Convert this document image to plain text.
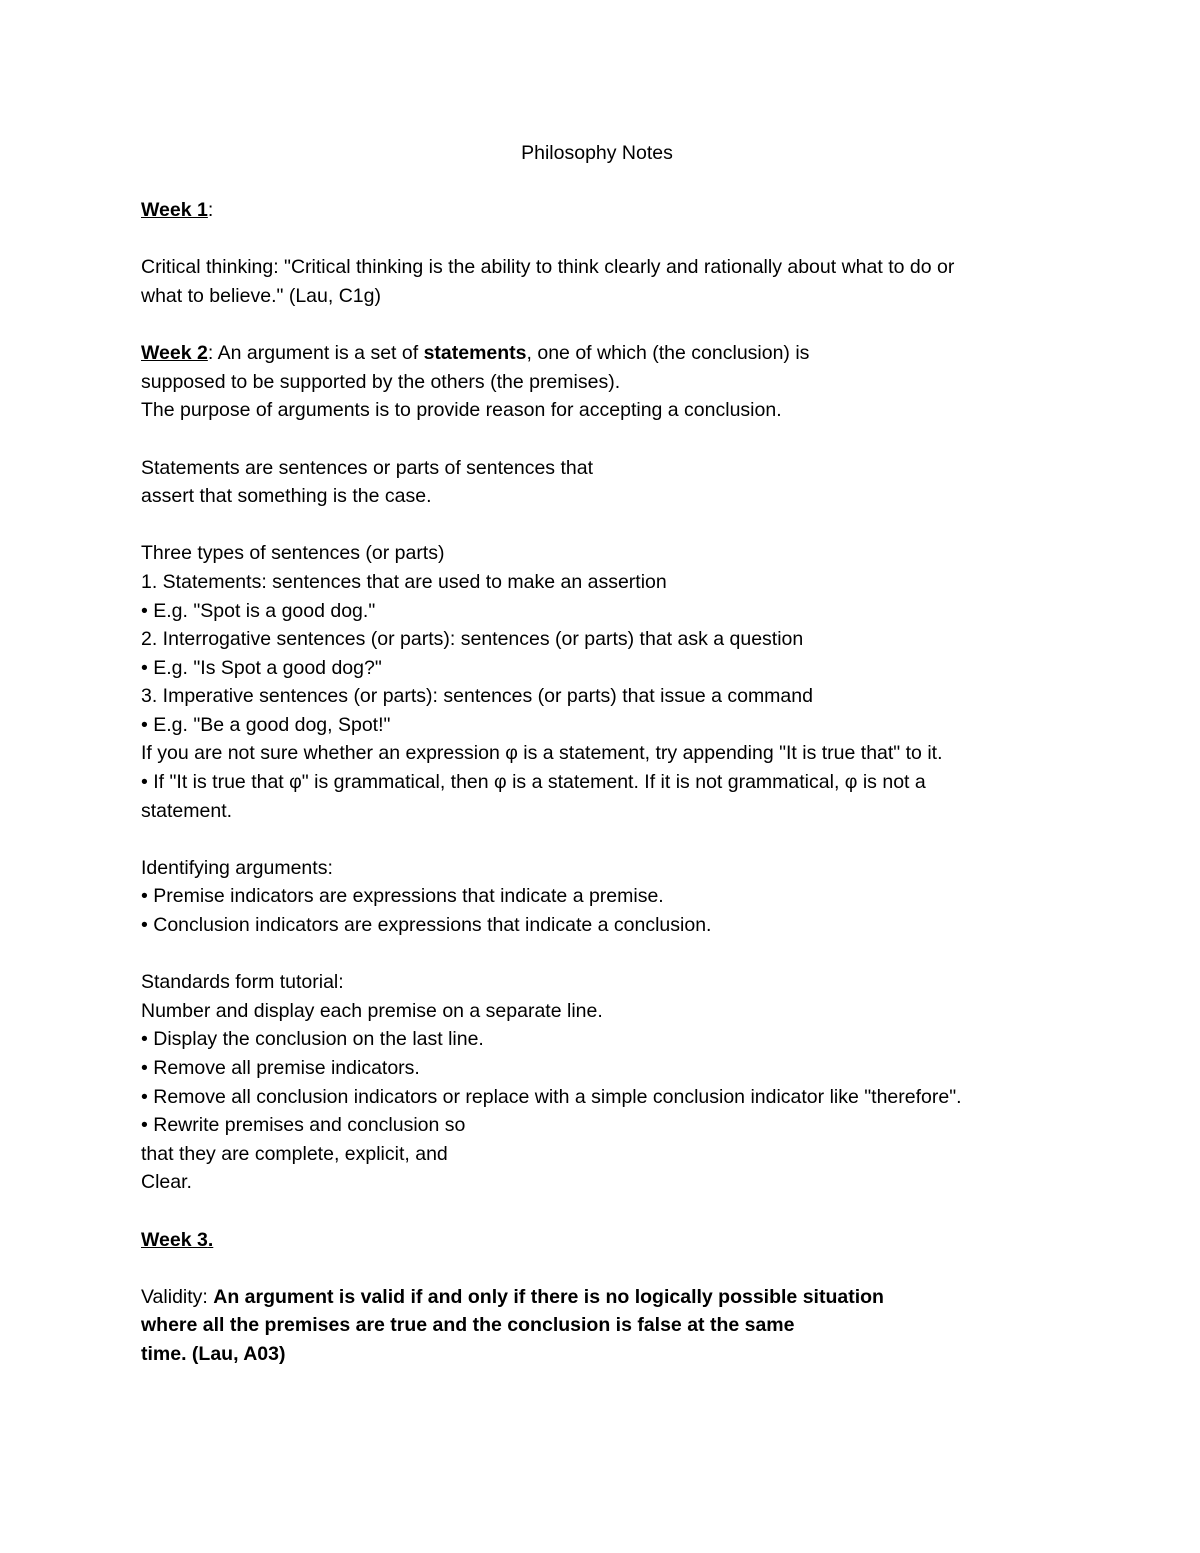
Philosophy Notes
Week 1:
Critical thinking: "Critical thinking is the ability to think clearly and rationally about what to do or
what to believe." (Lau, C1g)
Week 2: An argument is a set of statements, one of which (the conclusion) is
supposed to be supported by the others (the premises).
The purpose of arguments is to provide reason for accepting a conclusion.
Statements are sentences or parts of sentences that
assert that something is the case.
Three types of sentences (or parts)
1. Statements: sentences that are used to make an assertion
• E.g. "Spot is a good dog."
2. Interrogative sentences (or parts): sentences (or parts) that ask a question
• E.g. "Is Spot a good dog?"
3. Imperative sentences (or parts): sentences (or parts) that issue a command
• E.g. "Be a good dog, Spot!"
If you are not sure whether an expression φ is a statement, try appending "It is true that" to it.
• If "It is true that φ" is grammatical, then φ is a statement. If it is not grammatical, φ is not a
statement.
Identifying arguments:
• Premise indicators are expressions that indicate a premise.
• Conclusion indicators are expressions that indicate a conclusion.
Standards form tutorial:
Number and display each premise on a separate line.
• Display the conclusion on the last line.
• Remove all premise indicators.
• Remove all conclusion indicators or replace with a simple conclusion indicator like "therefore".
• Rewrite premises and conclusion so
that they are complete, explicit, and
Clear.
Week 3.
Validity: An argument is valid if and only if there is no logically possible situation
where all the premises are true and the conclusion is false at the same
time. (Lau, A03)
